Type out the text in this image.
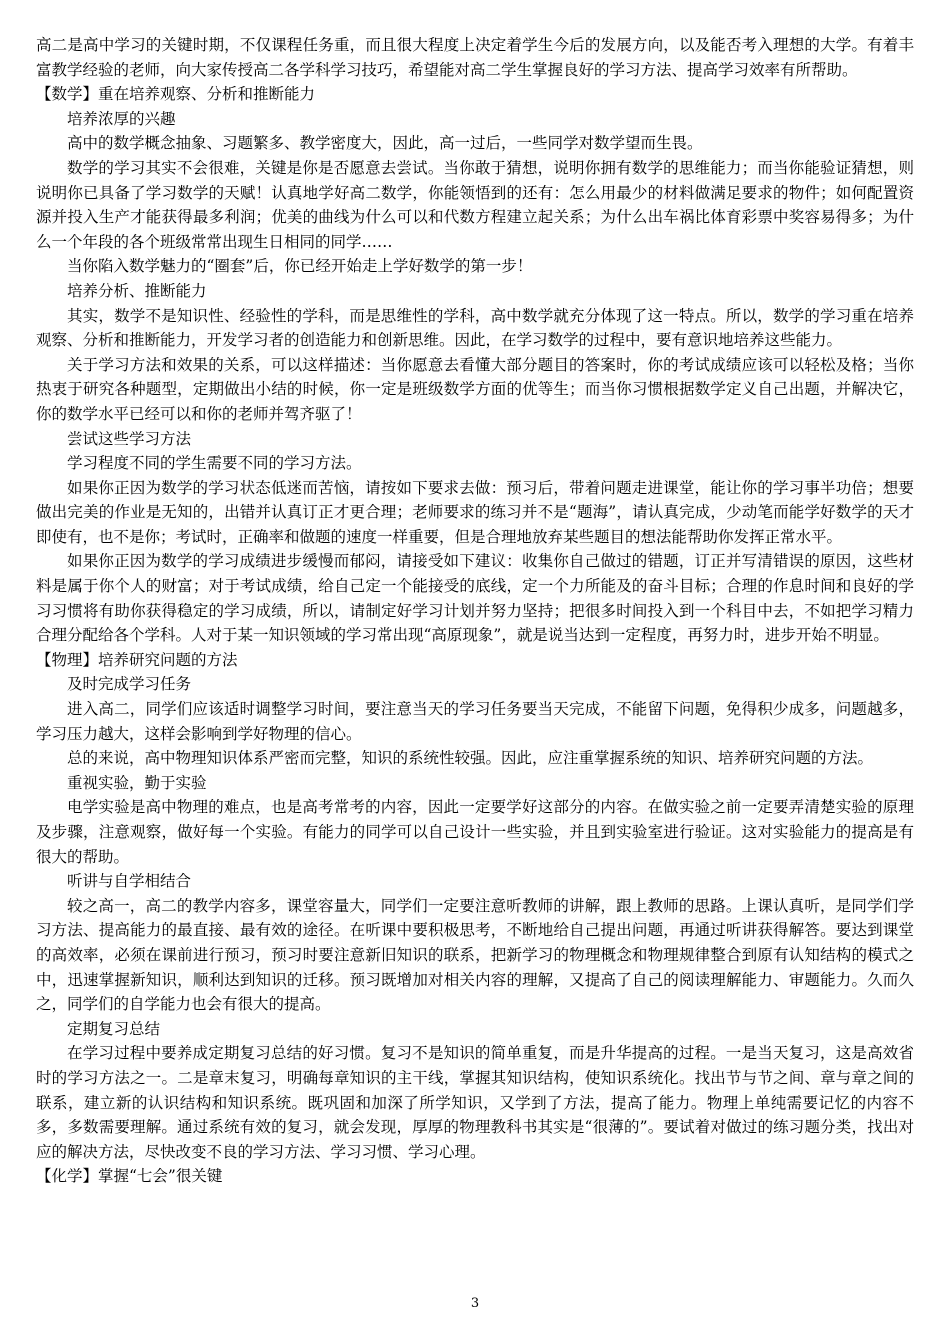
高二是高中学习的关键时期，不仅课程任务重，而且很大程度上决定着学生今后的发展方向，以及能否考入理想的大学。有着丰富教学经验的老师，向大家传授高二各学科学习技巧，希望能对高二学生掌握良好的学习方法、提高学习效率有所帮助。

【数学】重在培养观察、分析和推断能力

培养浓厚的兴趣

高中的数学概念抽象、习题繁多、教学密度大，因此，高一过后，一些同学对数学望而生畏。

数学的学习其实不会很难，关键是你是否愿意去尝试。当你敢于猜想，说明你拥有数学的思维能力；而当你能验证猜想，则说明你已具备了学习数学的天赋！认真地学好高二数学，你能领悟到的还有：怎么用最少的材料做满足要求的物件；如何配置资源并投入生产才能获得最多利润；优美的曲线为什么可以和代数方程建立起关系；为什么出车祸比体育彩票中奖容易得多；为什么一个年段的各个班级常常出现生日相同的同学……

当你陷入数学魅力的“圈套”后，你已经开始走上学好数学的第一步！

培养分析、推断能力

其实，数学不是知识性、经验性的学科，而是思维性的学科，高中数学就充分体现了这一特点。所以，数学的学习重在培养观察、分析和推断能力，开发学习者的创造能力和创新思维。因此，在学习数学的过程中，要有意识地培养这些能力。

关于学习方法和效果的关系，可以这样描述：当你愿意去看懂大部分题目的答案时，你的考试成绩应该可以轻松及格；当你热衷于研究各种题型，定期做出小结的时候，你一定是班级数学方面的优等生；而当你习惯根据数学定义自己出题，并解决它，你的数学水平已经可以和你的老师并驾齐驱了！

尝试这些学习方法

学习程度不同的学生需要不同的学习方法。

如果你正因为数学的学习状态低迷而苦恼，请按如下要求去做：预习后，带着问题走进课堂，能让你的学习事半功倍；想要做出完美的作业是无知的，出错并认真订正才更合理；老师要求的练习并不是“题海”，请认真完成，少动笔而能学好数学的天才即使有，也不是你；考试时，正确率和做题的速度一样重要，但是合理地放弃某些题目的想法能帮助你发挥正常水平。

如果你正因为数学的学习成绩进步缓慢而郁闷，请接受如下建议：收集你自己做过的错题，订正并写清错误的原因，这些材料是属于你个人的财富；对于考试成绩，给自己定一个能接受的底线，定一个力所能及的奋斗目标；合理的作息时间和良好的学习习惯将有助你获得稳定的学习成绩，所以，请制定好学习计划并努力坚持；把很多时间投入到一个科目中去，不如把学习精力合理分配给各个学科。人对于某一知识领域的学习常出现“高原现象”，就是说当达到一定程度，再努力时，进步开始不明显。

【物理】培养研究问题的方法

及时完成学习任务

进入高二，同学们应该适时调整学习时间，要注意当天的学习任务要当天完成，不能留下问题，免得积少成多，问题越多，学习压力越大，这样会影响到学好物理的信心。

总的来说，高中物理知识体系严密而完整，知识的系统性较强。因此，应注重掌握系统的知识、培养研究问题的方法。

重视实验，勤于实验

电学实验是高中物理的难点，也是高考常考的内容，因此一定要学好这部分的内容。在做实验之前一定要弄清楚实验的原理及步骤，注意观察，做好每一个实验。有能力的同学可以自己设计一些实验，并且到实验室进行验证。这对实验能力的提高是有很大的帮助。

听讲与自学相结合

较之高一，高二的教学内容多，课堂容量大，同学们一定要注意听教师的讲解，跟上教师的思路。上课认真听，是同学们学习方法、提高能力的最直接、最有效的途径。在听课中要积极思考，不断地给自己提出问题，再通过听讲获得解答。要达到课堂的高效率，必须在课前进行预习，预习时要注意新旧知识的联系，把新学习的物理概念和物理规律整合到原有认知结构的模式之中，迅速掌握新知识，顺利达到知识的迁移。预习既增加对相关内容的理解，又提高了自己的阅读理解能力、审题能力。久而久之，同学们的自学能力也会有很大的提高。

定期复习总结

在学习过程中要养成定期复习总结的好习惯。复习不是知识的简单重复，而是升华提高的过程。一是当天复习，这是高效省时的学习方法之一。二是章末复习，明确每章知识的主干线，掌握其知识结构，使知识系统化。找出节与节之间、章与章之间的联系，建立新的认识结构和知识系统。既巩固和加深了所学知识，又学到了方法，提高了能力。物理上单纯需要记忆的内容不多，多数需要理解。通过系统有效的复习，就会发现，厚厚的物理教科书其实是“很薄的”。要试着对做过的练习题分类，找出对应的解决方法，尽快改变不良的学习方法、学习习惯、学习心理。

【化学】掌握“七会”很关键

3
